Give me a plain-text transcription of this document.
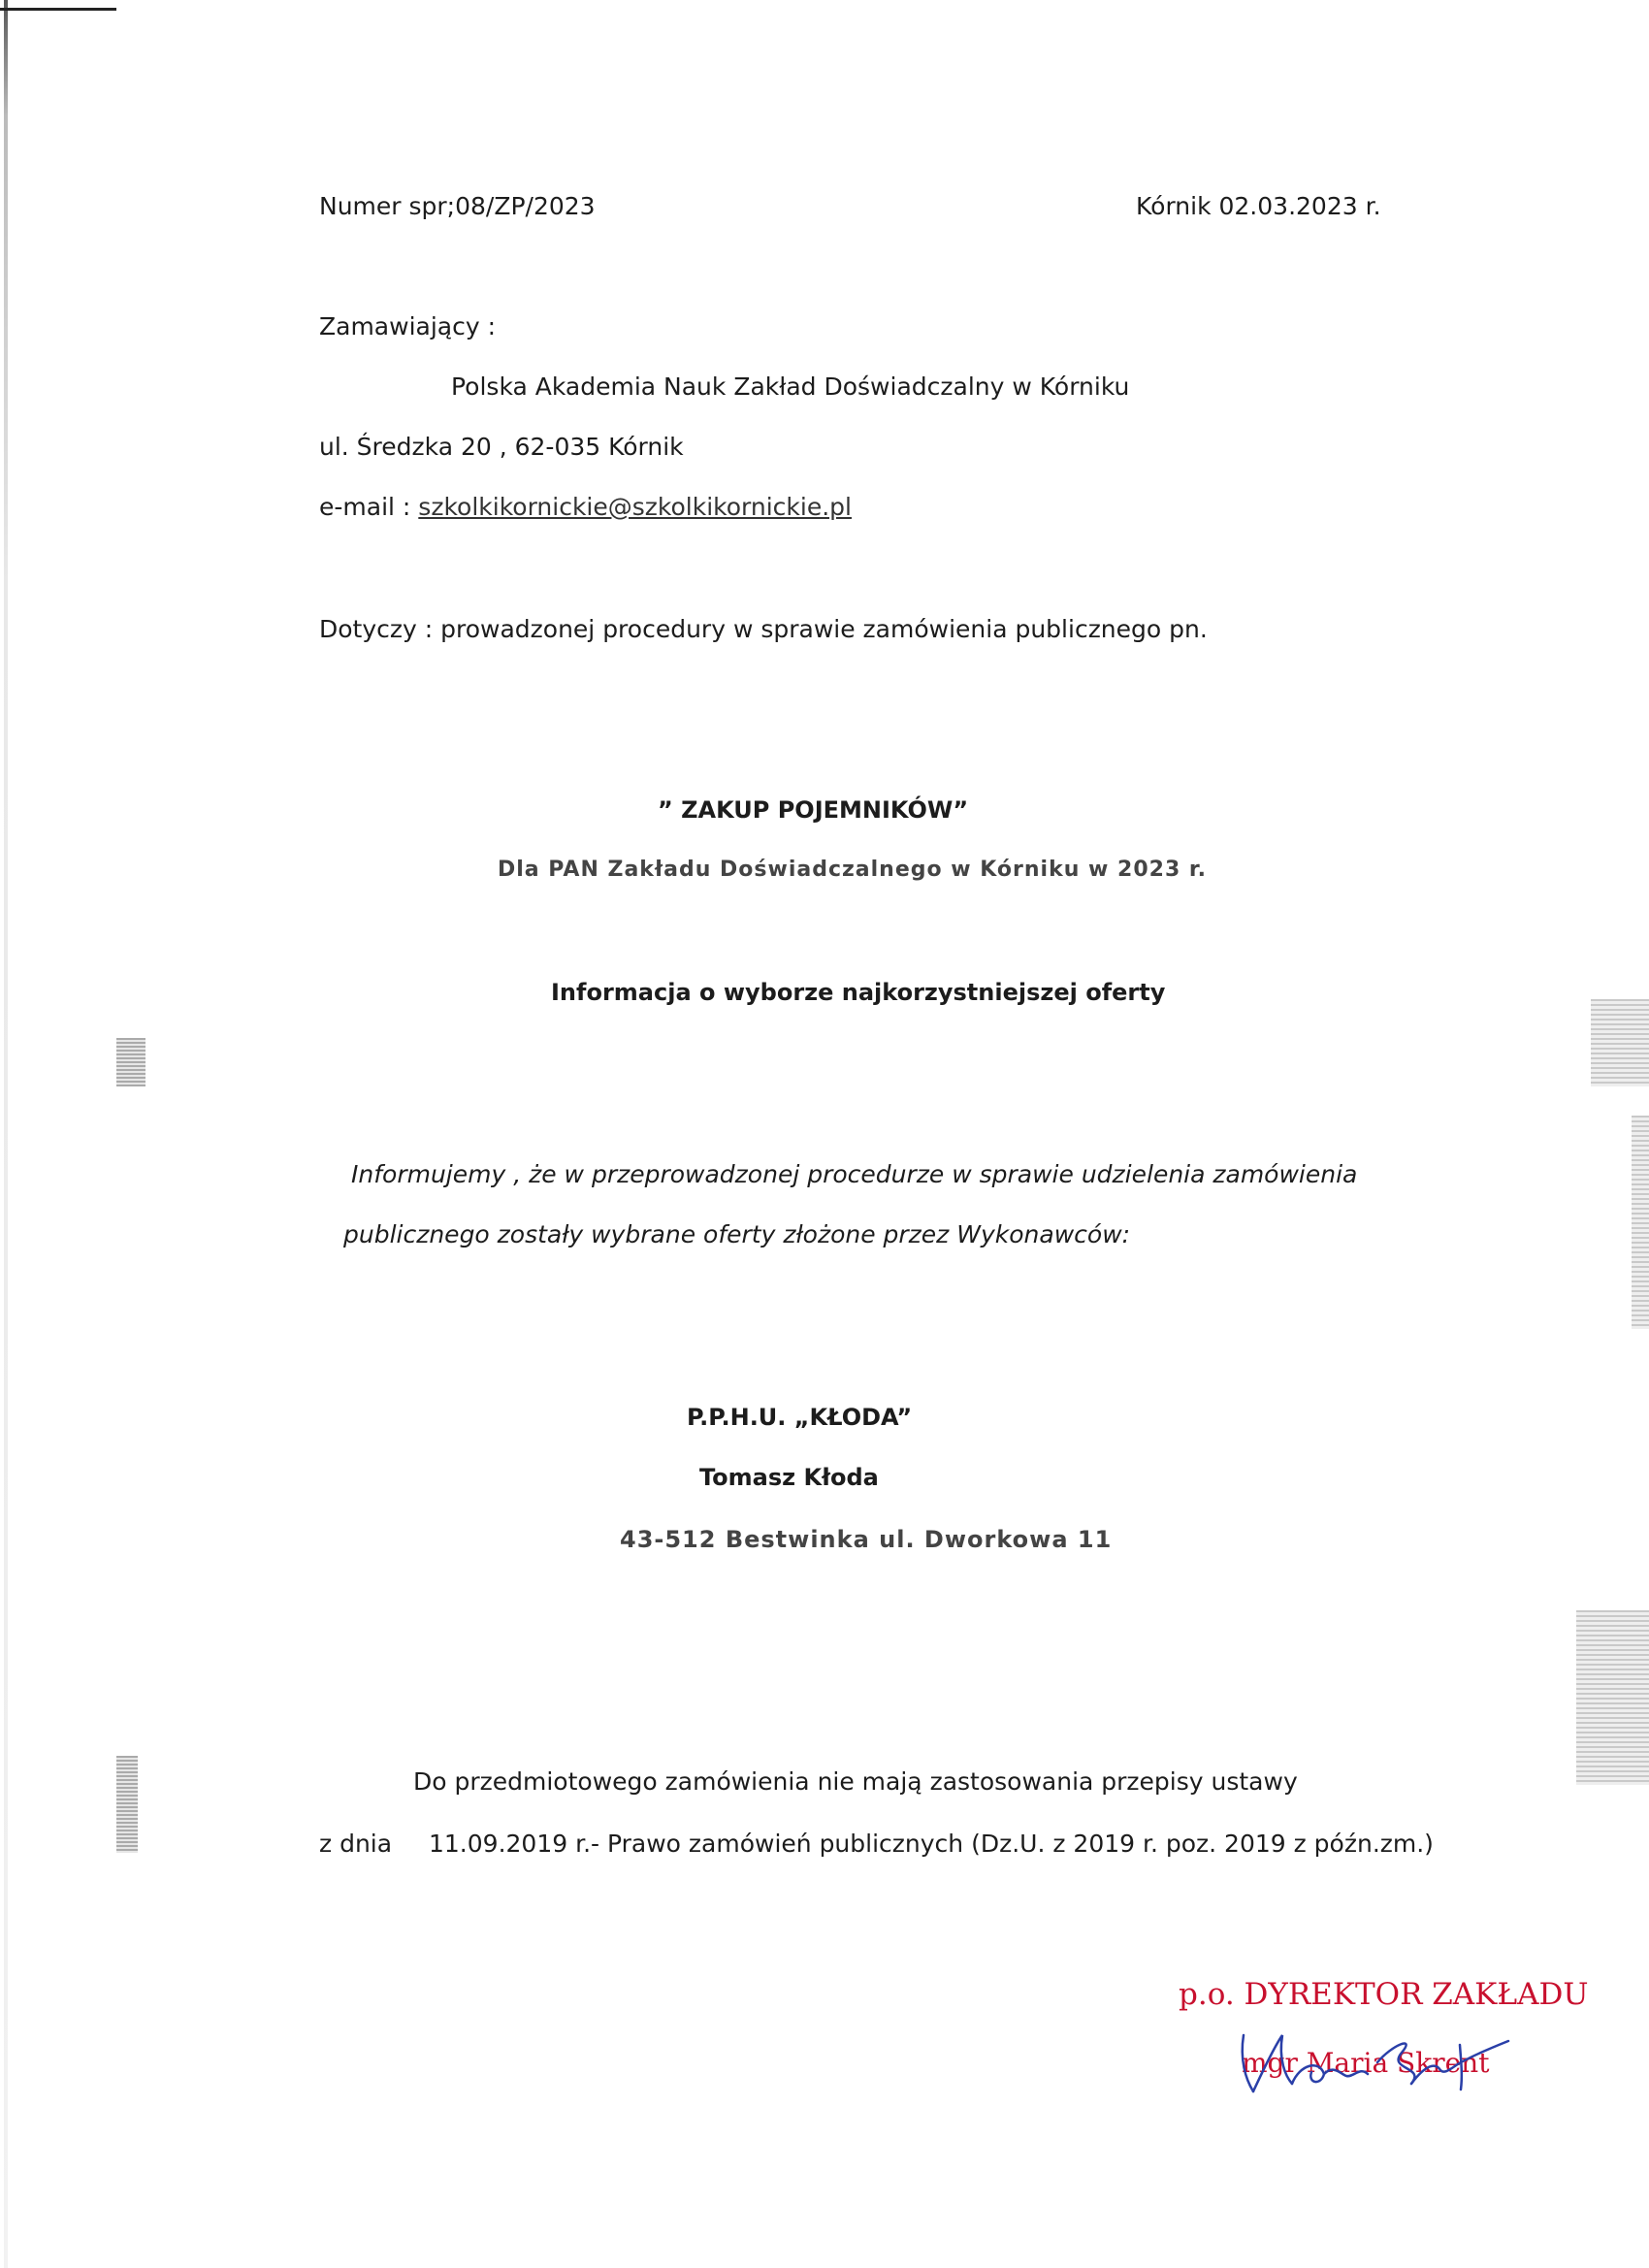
Numer spr;08/ZP/2023	Kórnik 02.03.2023 r.
Zamawiający :
Polska Akademia Nauk Zakład Doświadczalny w Kórniku
ul. Średzka 20 , 62-035 Kórnik
e-mail : szkolkikornickie@szkolkikornickie.pl
Dotyczy : prowadzonej procedury w sprawie zamówienia publicznego pn.
” ZAKUP POJEMNIKÓW”
Dla PAN Zakładu Doświadczalnego w Kórniku w 2023 r.
Informacja o wyborze najkorzystniejszej oferty
Informujemy , że w przeprowadzonej procedurze w sprawie udzielenia zamówienia
publicznego zostały wybrane oferty złożone przez Wykonawców:
P.P.H.U. „KŁODA”
Tomasz Kłoda
43-512 Bestwinka ul. Dworkowa 11
Do przedmiotowego zamówienia nie mają zastosowania przepisy ustawy
z dnia 11.09.2019 r.- Prawo zamówień publicznych (Dz.U. z 2019 r. poz. 2019 z późn.zm.)
p.o. DYREKTOR ZAKŁADU
mgr Maria Skrent
